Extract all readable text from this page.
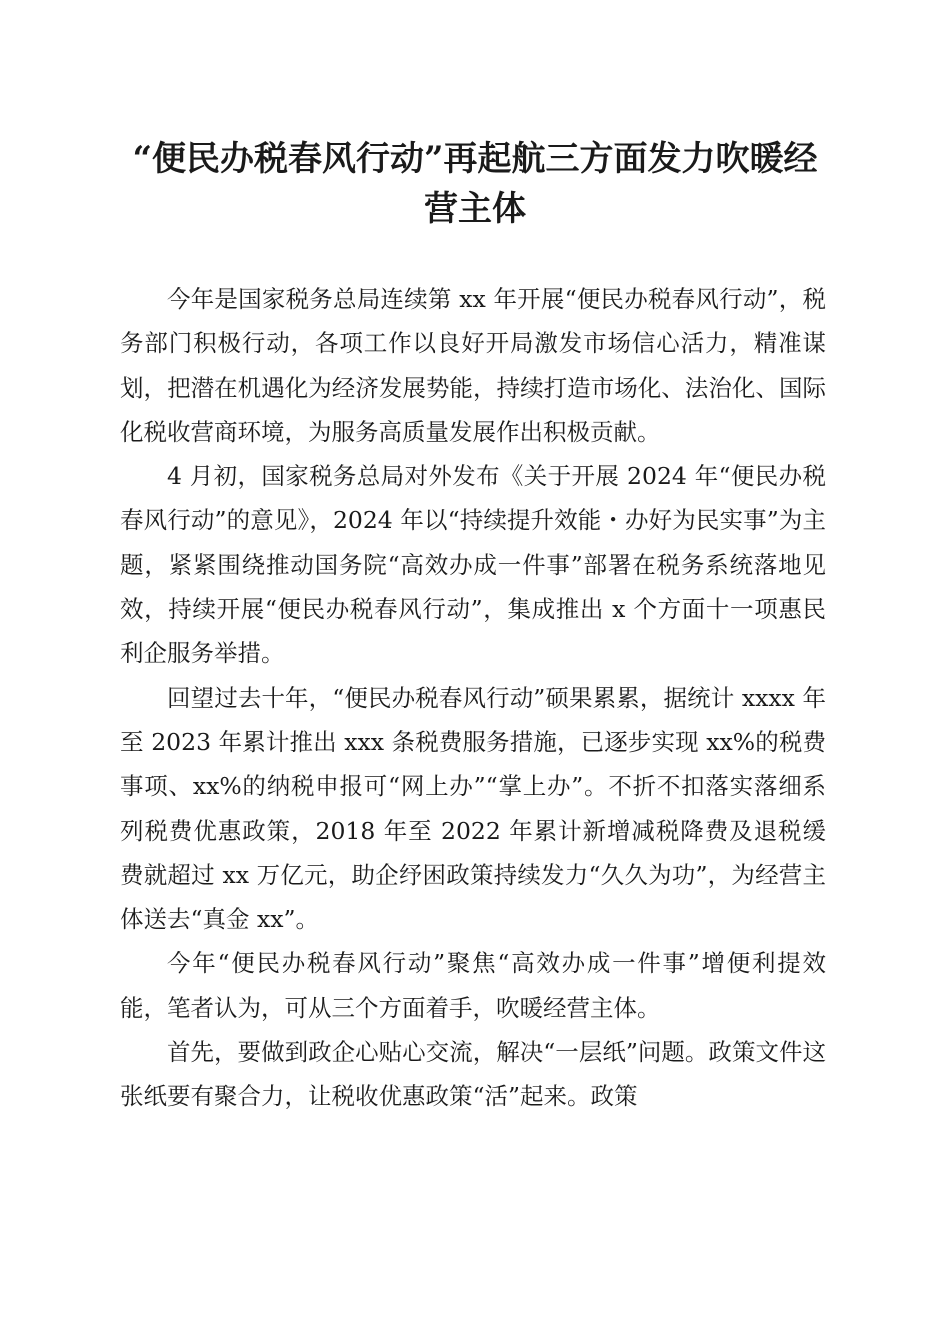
“便民办税春风行动”再起航三方面发力吹暖经营主体

今年是国家税务总局连续第 xx 年开展“便民办税春风行动”，税务部门积极行动，各项工作以良好开局激发市场信心活力，精准谋划，把潜在机遇化为经济发展势能，持续打造市场化、法治化、国际化税收营商环境，为服务高质量发展作出积极贡献。

4 月初，国家税务总局对外发布《关于开展 2024 年“便民办税春风行动”的意见》，2024 年以“持续提升效能・办好为民实事”为主题，紧紧围绕推动国务院“高效办成一件事”部署在税务系统落地见效，持续开展“便民办税春风行动”，集成推出 x 个方面十一项惠民利企服务举措。

回望过去十年，“便民办税春风行动”硕果累累，据统计 xxxx 年至 2023 年累计推出 xxx 条税费服务措施，已逐步实现 xx%的税费事项、xx%的纳税申报可“网上办”“掌上办”。不折不扣落实落细系列税费优惠政策，2018 年至 2022 年累计新增减税降费及退税缓费就超过 xx 万亿元，助企纾困政策持续发力“久久为功”，为经营主体送去“真金 xx”。

今年“便民办税春风行动”聚焦“高效办成一件事”增便利提效能，笔者认为，可从三个方面着手，吹暖经营主体。

首先，要做到政企心贴心交流，解决“一层纸”问题。政策文件这张纸要有聚合力，让税收优惠政策“活”起来。政策
